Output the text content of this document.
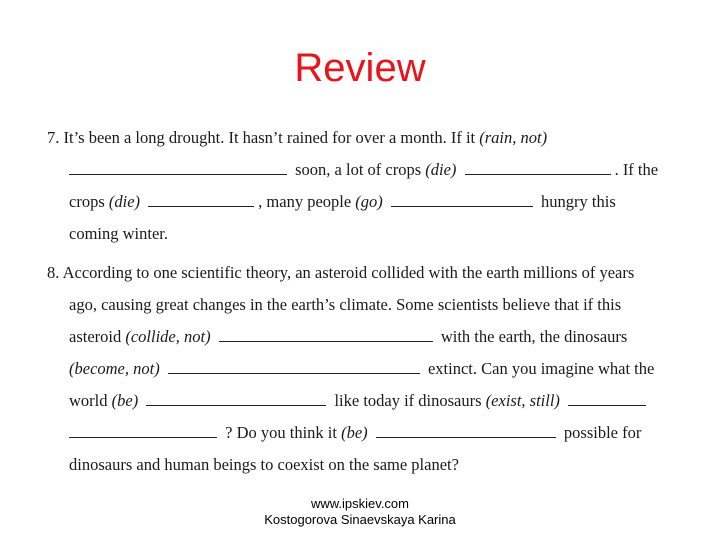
Review
7. It’s been a long drought. It hasn’t rained for over a month. If it (rain, not)
soon, a lot of crops (die)	. If the
crops (die)	, many people (go)	hungry this
coming winter.
8. According to one scientific theory, an asteroid collided with the earth millions of years
ago, causing great changes in the earth’s climate. Some scientists believe that if this
asteroid (collide, not)	with the earth, the dinosaurs
(become, not)	extinct. Can you imagine what the
world (be)	like today if dinosaurs (exist, still)
? Do you think it (be)	possible for
dinosaurs and human beings to coexist on the same planet?
www.ipskiev.com
Kostogorova Sinaevskaya Karina
